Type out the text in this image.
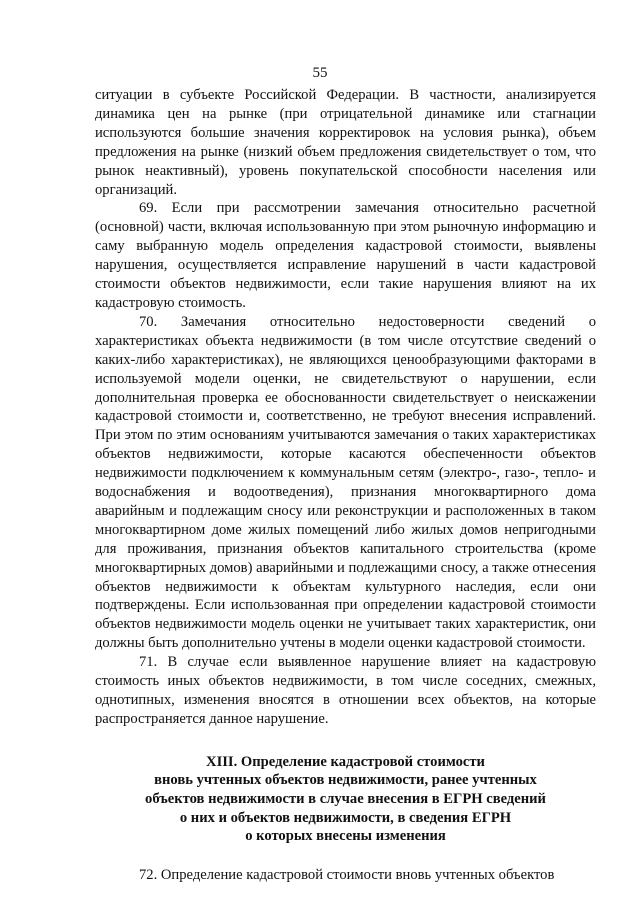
55

ситуации в субъекте Российской Федерации. В частности, анализируется динамика цен на рынке (при отрицательной динамике или стагнации используются большие значения корректировок на условия рынка), объем предложения на рынке (низкий объем предложения свидетельствует о том, что рынок неактивный), уровень покупательской способности населения или организаций.

69. Если при рассмотрении замечания относительно расчетной (основной) части, включая использованную при этом рыночную информацию и саму выбранную модель определения кадастровой стоимости, выявлены нарушения, осуществляется исправление нарушений в части кадастровой стоимости объектов недвижимости, если такие нарушения влияют на их кадастровую стоимость.

70. Замечания относительно недостоверности сведений о характеристиках объекта недвижимости (в том числе отсутствие сведений о каких-либо характеристиках), не являющихся ценообразующими факторами в используемой модели оценки, не свидетельствуют о нарушении, если дополнительная проверка ее обоснованности свидетельствует о неискажении кадастровой стоимости и, соответственно, не требуют внесения исправлений. При этом по этим основаниям учитываются замечания о таких характеристиках объектов недвижимости, которые касаются обеспеченности объектов недвижимости подключением к коммунальным сетям (электро-, газо-, тепло- и водоснабжения и водоотведения), признания многоквартирного дома аварийным и подлежащим сносу или реконструкции и расположенных в таком многоквартирном доме жилых помещений либо жилых домов непригодными для проживания, признания объектов капитального строительства (кроме многоквартирных домов) аварийными и подлежащими сносу, а также отнесения объектов недвижимости к объектам культурного наследия, если они подтверждены. Если использованная при определении кадастровой стоимости объектов недвижимости модель оценки не учитывает таких характеристик, они должны быть дополнительно учтены в модели оценки кадастровой стоимости.

71. В случае если выявленное нарушение влияет на кадастровую стоимость иных объектов недвижимости, в том числе соседних, смежных, однотипных, изменения вносятся в отношении всех объектов, на которые распространяется данное нарушение.

XIII. Определение кадастровой стоимости
вновь учтенных объектов недвижимости, ранее учтенных
объектов недвижимости в случае внесения в ЕГРН сведений
о них и объектов недвижимости, в сведения ЕГРН
о которых внесены изменения

72. Определение кадастровой стоимости вновь учтенных объектов
